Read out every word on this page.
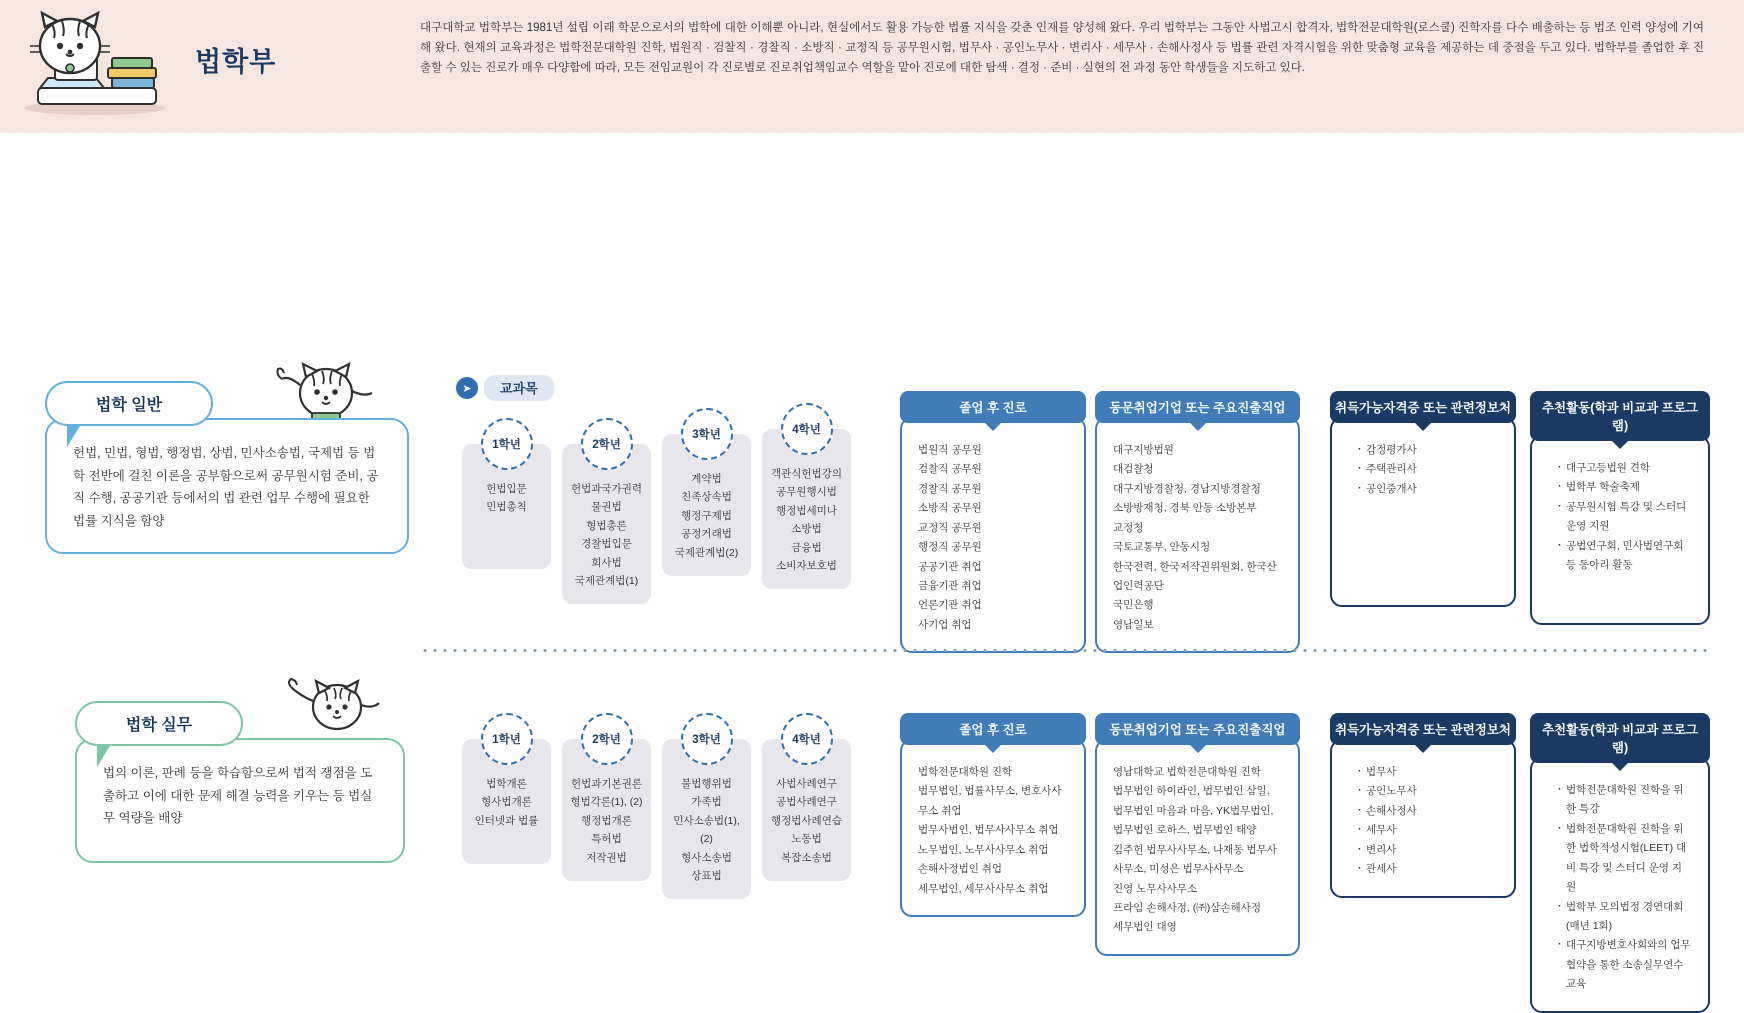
법학부
대구대학교 법학부는 1981년 설립 이래 학문으로서의 법학에 대한 이해뿐 아니라, 현실에서도 활용 가능한 법률 지식을 갖춘 인재를 양성해 왔다. 우리 법학부는 그동안 사법고시 합격자, 법학전문대학원(로스쿨) 진학자를 다수 배출하는 등 법조 인력 양성에 기여해 왔다. 현재의 교육과정은 법학전문대학원 진학, 법원직 · 검찰직 · 경찰직 · 소방직 · 교정직 등 공무원시험, 법무사 · 공인노무사 · 변리사 · 세무사 · 손해사정사 등 법률 관련 자격시험을 위한 맞춤형 교육을 제공하는 데 중점을 두고 있다. 법학부를 졸업한 후 진출할 수 있는 진로가 매우 다양함에 따라, 모든 전임교원이 각 진로별로 진로취업책임교수 역할을 맡아 진로에 대한 탐색 · 결정 · 준비 · 실현의 전 과정 동안 학생들을 지도하고 있다.
➤	교과목
법학 일반
헌법, 민법, 형법, 행정법, 상법, 민사소송법, 국제법 등 법학 전반에 걸친 이론을 공부함으로써 공무원시험 준비, 공직 수행, 공공기관 등에서의 법 관련 업무 수행에 필요한 법률 지식을 함양
1학년
헌법입문
민법총칙
2학년
헌법과국가권력
물권법
형법총론
경찰법입문
회사법
국제관계법(1)
3학년
계약법
친족상속법
행정구제법
공정거래법
국제관계법(2)
4학년
객관식헌법강의
공무원행시법
행정법세미나
소방법
금융법
소비자보호법
졸업 후 진로
법원직 공무원
검찰직 공무원
경찰직 공무원
소방직 공무원
교정직 공무원
행정직 공무원
공공기관 취업
금융기관 취업
언론기관 취업
사기업 취업
동문취업기업 또는 주요진출직업
대구지방법원
대검찰청
대구지방경찰청, 경남지방경찰청
소방방재청, 경북 안동 소방본부
교정청
국토교통부, 안동시청
한국전력, 한국저작권위원회, 한국산업인력공단
국민은행
영남일보
취득가능자격증 또는 관련정보처
· 감정평가사
· 주택관리사
· 공인중개사
추천활동(학과 비교과 프로그램)
· 대구고등법원 견학
· 법학부 학술축제
· 공무원시험 특강 및 스터디 운영 지원
· 공법연구회, 민사법연구회 등 동아리 활동
법학 실무
법의 이론, 판례 등을 학습함으로써 법적 쟁점을 도출하고 이에 대한 문제 해결 능력을 키우는 등 법실무 역량을 배양
1학년
법학개론
형사법개론
인터넷과 법률
2학년
헌법과기본권론
형법각론(1), (2)
행정법개론
특허법
저작권법
3학년
불법행위법
가족법
민사소송법(1), (2)
형사소송법
상표법
4학년
사법사례연구
공법사례연구
행정법사례연습
노동법
복잡소송법
졸업 후 진로
법학전문대학원 진학
법무법인, 법률사무소, 변호사사무소 취업
법무사법인, 법무사사무소 취업
노무법인, 노무사사무소 취업
손해사정법인 취업
세무법인, 세무사사무소 취업
동문취업기업 또는 주요진출직업
영남대학교 법학전문대학원 진학
법무법인 하이라인, 법무법인 삼일, 법무법인 마음과 마음, YK법무법인, 법무법인 로하스, 법무법인 태양
김주헌 법무사사무소, 나재동 법무사사무소, 미성은 법무사사무소
진영 노무사사무소
프라임 손해사정, (㈜)삼손해사정
세무법인 대영
취득가능자격증 또는 관련정보처
· 법무사
· 공인노무사
· 손해사정사
· 세무사
· 변리사
· 관세사
추천활동(학과 비교과 프로그램)
· 법학전문대학원 진학을 위한 특강
· 법학전문대학원 진학을 위한 법학적성시험(LEET) 대비 특강 및 스터디 운영 지원
· 법학부 모의법정 경연대회(매년 1회)
· 대구지방변호사회와의 업무협약을 통한 소송실무연수교육
